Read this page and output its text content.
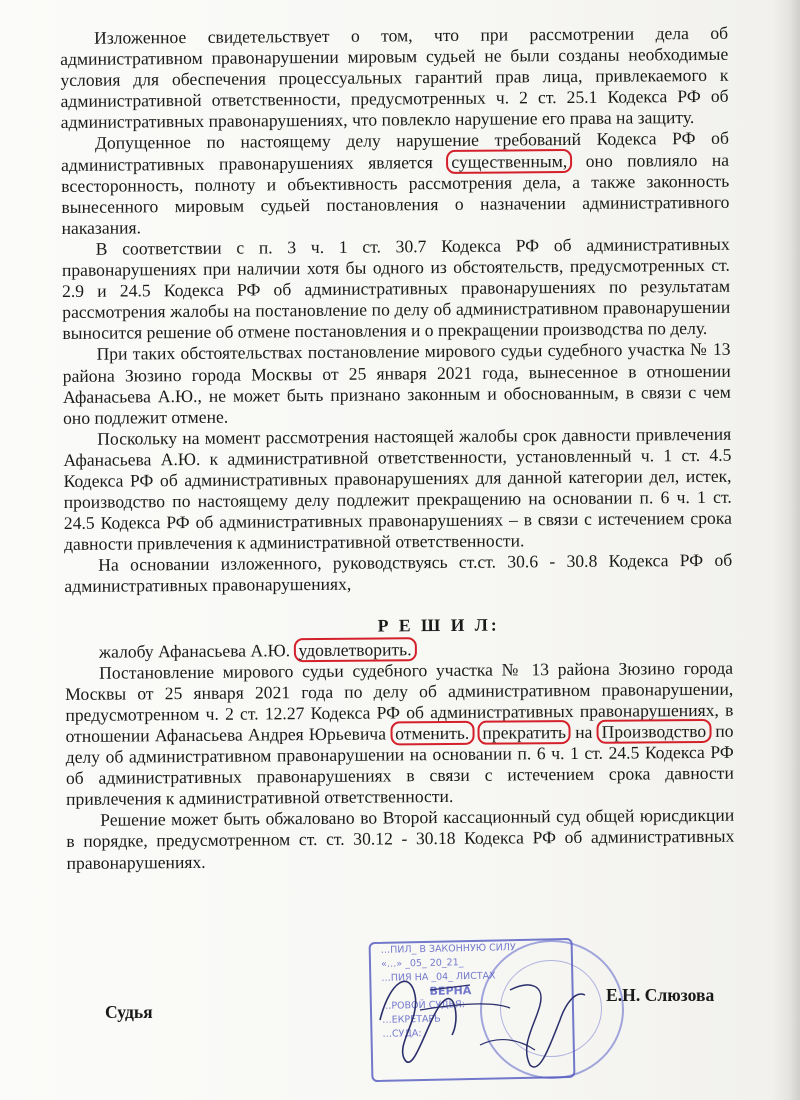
Изложенное свидетельствует о том, что при рассмотрении дела об административном правонарушении мировым судьей не были созданы необходимые условия для обеспечения процессуальных гарантий прав лица, привлекаемого к административной ответственности, предусмотренных ч. 2 ст. 25.1 Кодекса РФ об административных правонарушениях, что повлекло нарушение его права на защиту.

Допущенное по настоящему делу нарушение требований Кодекса РФ об административных правонарушениях является существенным, оно повлияло на всесторонность, полноту и объективность рассмотрения дела, а также законность вынесенного мировым судьей постановления о назначении административного наказания.

В соответствии с п. 3 ч. 1 ст. 30.7 Кодекса РФ об административных правонарушениях при наличии хотя бы одного из обстоятельств, предусмотренных ст. 2.9 и 24.5 Кодекса РФ об административных правонарушениях по результатам рассмотрения жалобы на постановление по делу об административном правонарушении выносится решение об отмене постановления и о прекращении производства по делу.

При таких обстоятельствах постановление мирового судьи судебного участка № 13 района Зюзино города Москвы от 25 января 2021 года, вынесенное в отношении Афанасьева А.Ю., не может быть признано законным и обоснованным, в связи с чем оно подлежит отмене.

Поскольку на момент рассмотрения настоящей жалобы срок давности привлечения Афанасьева А.Ю. к административной ответственности, установленный ч. 1 ст. 4.5 Кодекса РФ об административных правонарушениях для данной категории дел, истек, производство по настоящему делу подлежит прекращению на основании п. 6 ч. 1 ст. 24.5 Кодекса РФ об административных правонарушениях – в связи с истечением срока давности привлечения к административной ответственности.

На основании изложенного, руководствуясь ст.ст. 30.6 - 30.8 Кодекса РФ об административных правонарушениях,

Р Е Ш И Л:

жалобу Афанасьева А.Ю. удовлетворить.

Постановление мирового судьи судебного участка № 13 района Зюзино города Москвы от 25 января 2021 года по делу об административном правонарушении, предусмотренном ч. 2 ст. 12.27 Кодекса РФ об административных правонарушениях, в отношении Афанасьева Андрея Юрьевича отменить. прекратить на Производство по делу об административном правонарушении на основании п. 6 ч. 1 ст. 24.5 Кодекса РФ об административных правонарушениях в связи с истечением срока давности привлечения к административной ответственности.

Решение может быть обжаловано во Второй кассационный суд общей юрисдикции в порядке, предусмотренном ст. ст. 30.12 - 30.18 Кодекса РФ об административных правонарушениях.

…ПИЛ_ В ЗАКОННУЮ СИЛУ
«…» _05_ 20_21_
…ПИЯ НА _04_ ЛИСТАХ
ВЕРНА
…РОВОЙ СУДЬЯ:
…ЕКРЕТАРЬ
…СУДА:
Судья
Е.Н. Слюзова
